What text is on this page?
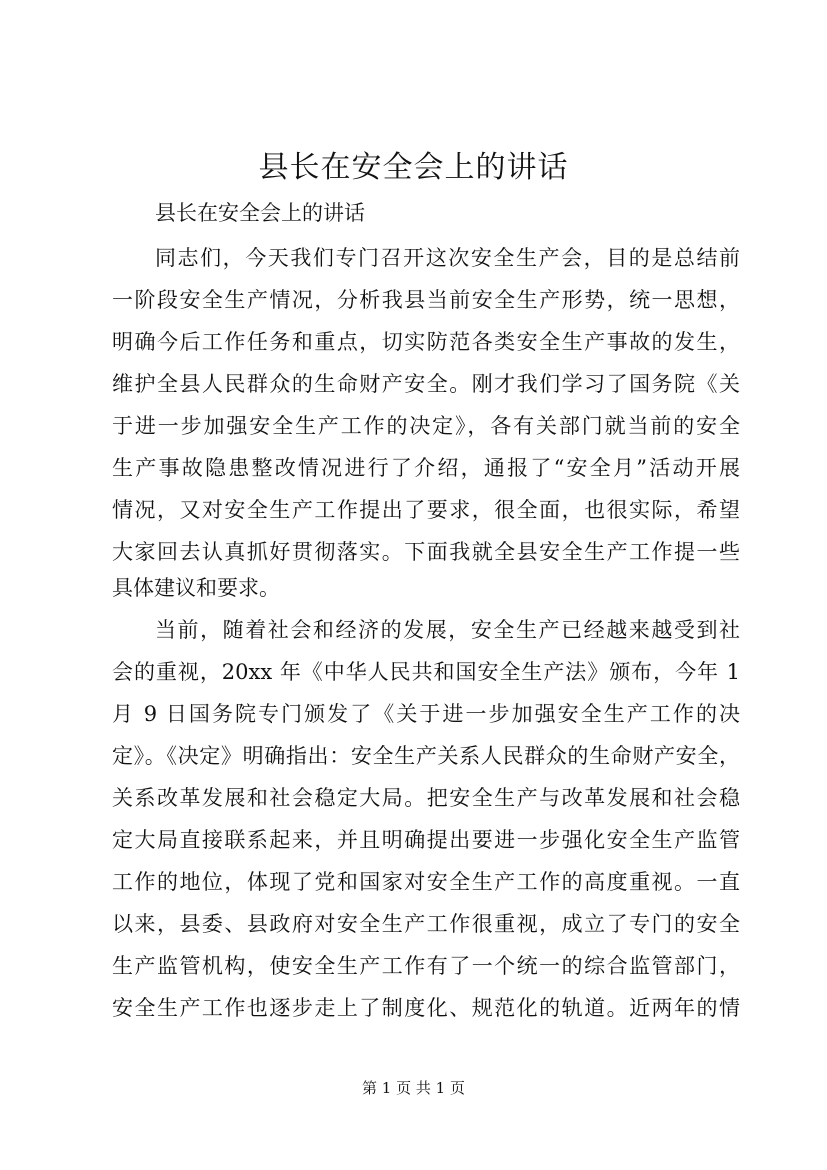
县长在安全会上的讲话
县长在安全会上的讲话
同志们，今天我们专门召开这次安全生产会，目的是总结前
一阶段安全生产情况，分析我县当前安全生产形势，统一思想，
明确今后工作任务和重点，切实防范各类安全生产事故的发生，
维护全县人民群众的生命财产安全。刚才我们学习了国务院《关
于进一步加强安全生产工作的决定》，各有关部门就当前的安全
生产事故隐患整改情况进行了介绍，通报了“安全月”活动开展
情况，又对安全生产工作提出了要求，很全面，也很实际，希望
大家回去认真抓好贯彻落实。下面我就全县安全生产工作提一些
具体建议和要求。
当前，随着社会和经济的发展，安全生产已经越来越受到社
会的重视，20xx 年《中华人民共和国安全生产法》颁布，今年 1
月 9 日国务院专门颁发了《关于进一步加强安全生产工作的决
定》。《决定》明确指出：安全生产关系人民群众的生命财产安全，
关系改革发展和社会稳定大局。把安全生产与改革发展和社会稳
定大局直接联系起来，并且明确提出要进一步强化安全生产监管
工作的地位，体现了党和国家对安全生产工作的高度重视。一直
以来，县委、县政府对安全生产工作很重视，成立了专门的安全
生产监管机构，使安全生产工作有了一个统一的综合监管部门，
安全生产工作也逐步走上了制度化、规范化的轨道。近两年的情
第 1 页 共 1 页
